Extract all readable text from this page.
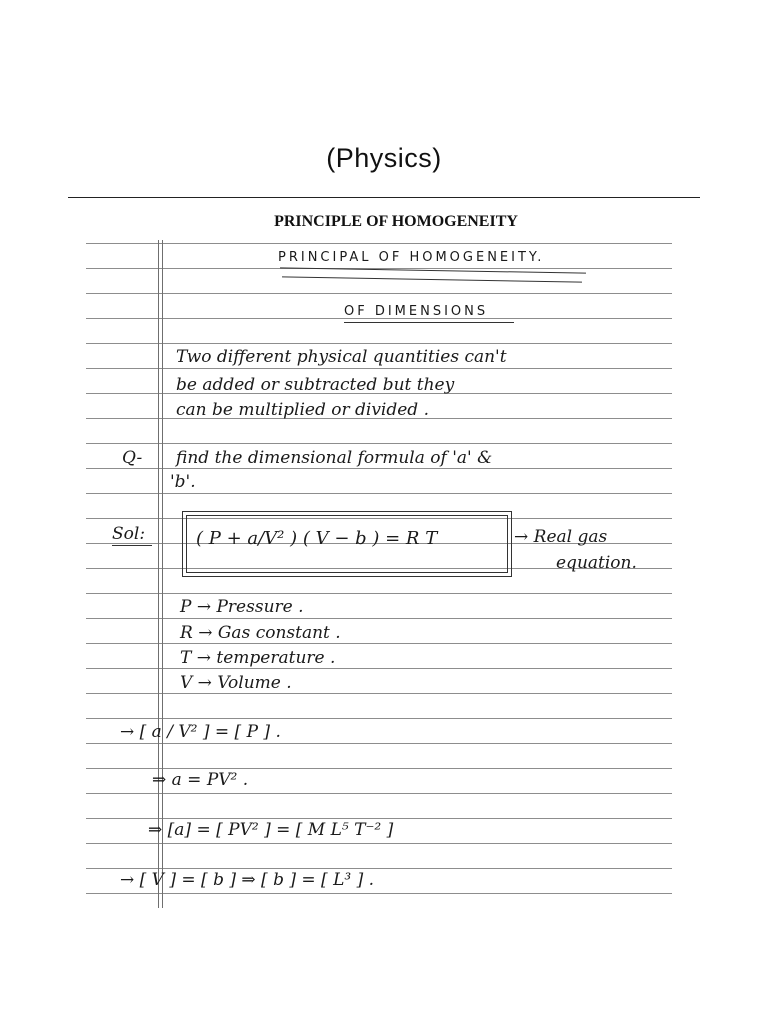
(Physics)
PRINCIPLE OF HOMOGENEITY
PRINCIPAL OF HOMOGENEITY.
OF DIMENSIONS
Two different physical quantities can't
be added or subtracted but they
can be multiplied or divided .
Q- find the dimensional formula of 'a' &
'b'.
Sol:	( P + a/V² ) ( V − b ) = R T	→ Real gas
equation.
P → Pressure .
R → Gas constant .
T → temperature .
V → Volume .
→ [ a / V² ] = [ P ] .
⇒ a = PV² .
⇒ [a] = [ PV² ] = [ M L⁵ T⁻² ]
→ [ V ] = [ b ] ⇒ [ b ] = [ L³ ] .
